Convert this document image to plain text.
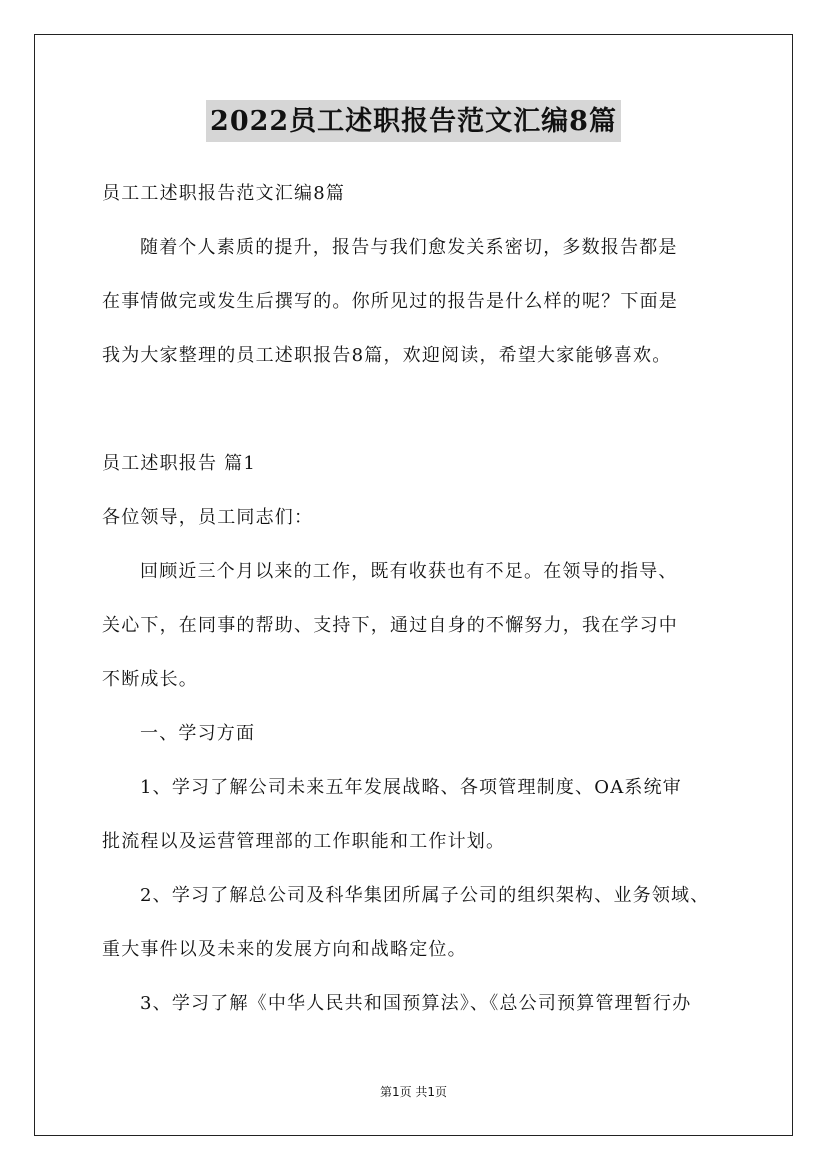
2022员工述职报告范文汇编8篇
员工工述职报告范文汇编8篇
随着个人素质的提升，报告与我们愈发关系密切，多数报告都是
在事情做完或发生后撰写的。你所见过的报告是什么样的呢？下面是
我为大家整理的员工述职报告8篇，欢迎阅读，希望大家能够喜欢。
员工述职报告 篇1
各位领导，员工同志们：
回顾近三个月以来的工作，既有收获也有不足。在领导的指导、
关心下，在同事的帮助、支持下，通过自身的不懈努力，我在学习中
不断成长。
一、学习方面
1、学习了解公司未来五年发展战略、各项管理制度、OA系统审
批流程以及运营管理部的工作职能和工作计划。
2、学习了解总公司及科华集团所属子公司的组织架构、业务领域、
重大事件以及未来的发展方向和战略定位。
3、学习了解《中华人民共和国预算法》、《总公司预算管理暂行办
第1页 共1页
